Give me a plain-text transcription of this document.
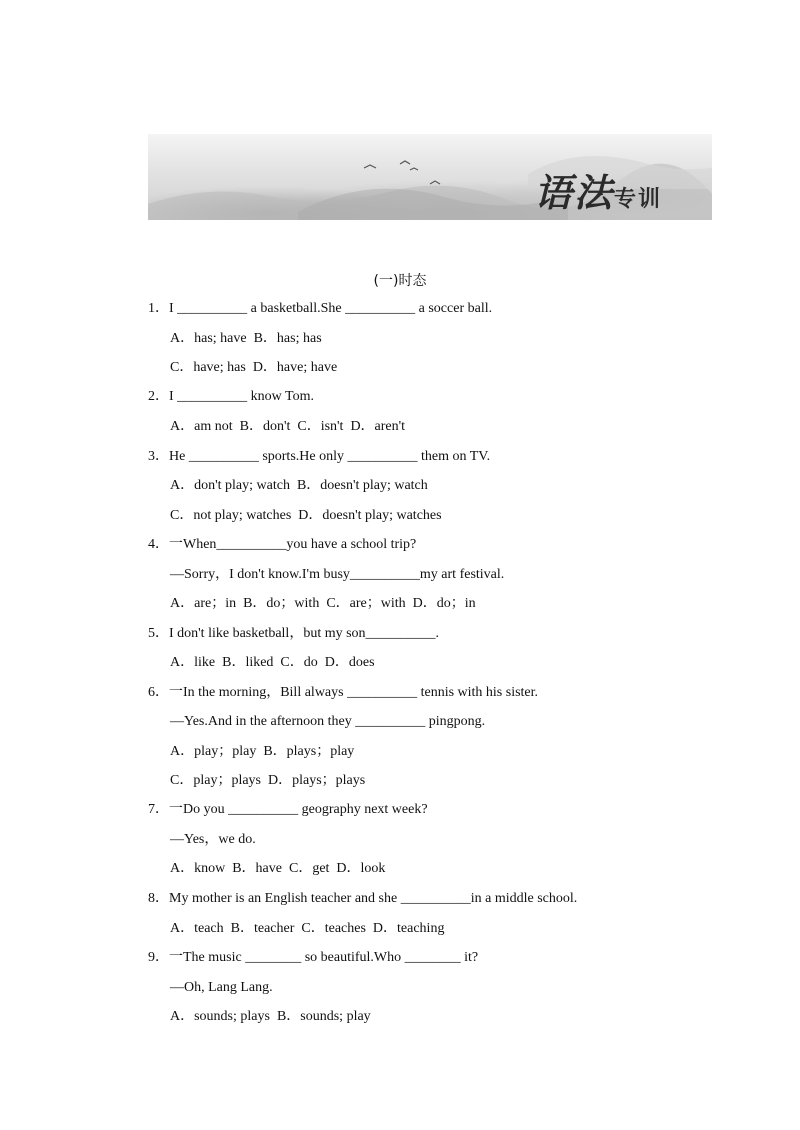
语法专训
(一)时态
1．I __________ a basketball.She __________ a soccer ball.
A．has; have  B．has; has
C．have; has  D．have; have
2．I __________ know Tom.
A．am not  B．don't  C．isn't  D．aren't
3．He __________ sports.He only __________ them on TV.
A．don't play; watch  B．doesn't play; watch
C．not play; watches  D．doesn't play; watches
4．一When__________you have a school trip?
—Sorry，I don't know.I'm busy__________my art festival.
A．are；in  B．do；with  C．are；with  D．do；in
5．I don't like basketball，but my son__________.
A．like  B．liked  C．do  D．does
6．一In the morning，Bill always __________ tennis with his sister.
—Yes.And in the afternoon they __________ pingpong.
A．play；play  B．plays；play
C．play；plays  D．plays；plays
7．一Do you __________ geography next week?
—Yes，we do.
A．know  B．have  C．get  D．look
8．My mother is an English teacher and she __________in a middle school.
A．teach  B．teacher  C．teaches  D．teaching
9．一The music ________ so beautiful.Who ________ it?
—Oh, Lang Lang.
A．sounds; plays  B．sounds; play
